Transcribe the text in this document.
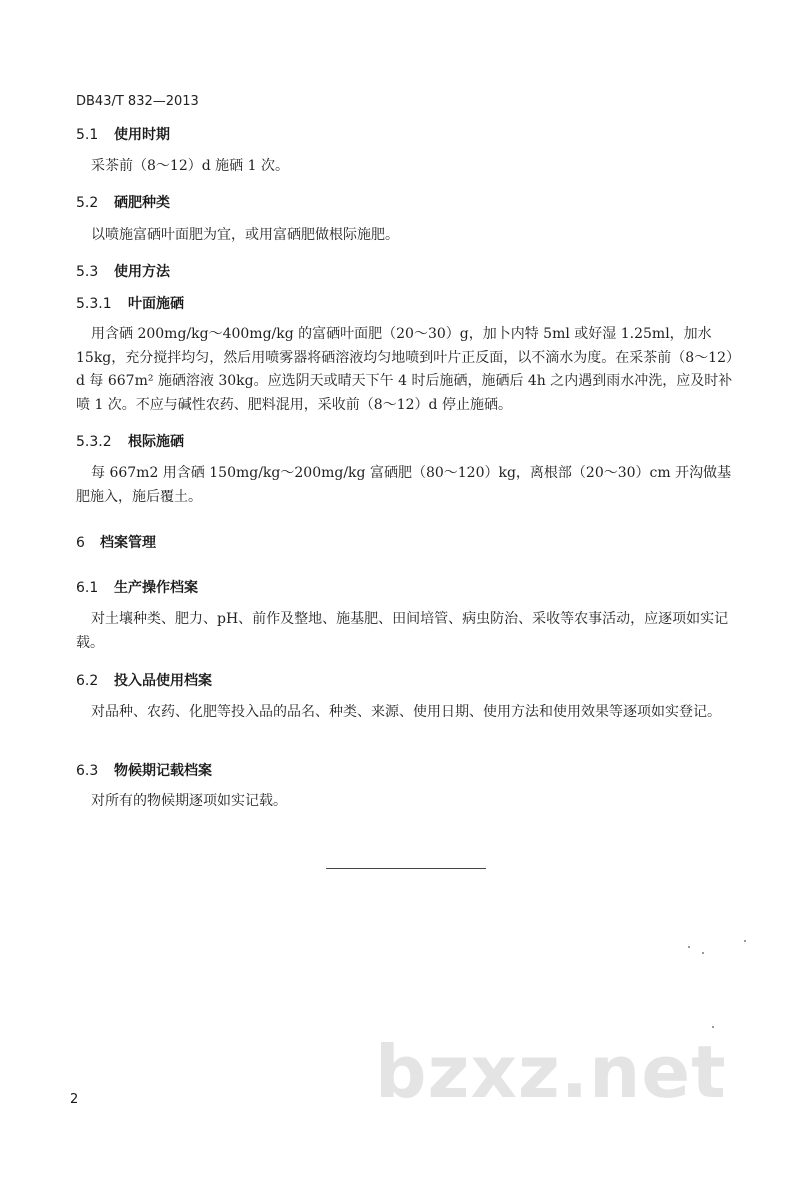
DB43/T 832—2013
5.1 使用时期
采茶前（8～12）d 施硒 1 次。
5.2 硒肥种类
以喷施富硒叶面肥为宜，或用富硒肥做根际施肥。
5.3 使用方法
5.3.1 叶面施硒
用含硒 200mg/kg～400mg/kg 的富硒叶面肥（20～30）g，加卜内特 5ml 或好湿 1.25ml，加水 15kg，充分搅拌均匀，然后用喷雾器将硒溶液均匀地喷到叶片正反面，以不滴水为度。在采茶前（8～12）d 每 667m² 施硒溶液 30kg。应选阴天或晴天下午 4 时后施硒，施硒后 4h 之内遇到雨水冲洗，应及时补喷 1 次。不应与碱性农药、肥料混用，采收前（8～12）d 停止施硒。
5.3.2 根际施硒
每 667m2 用含硒 150mg/kg～200mg/kg 富硒肥（80～120）kg，离根部（20～30）cm 开沟做基肥施入，施后覆土。
6 档案管理
6.1 生产操作档案
对土壤种类、肥力、pH、前作及整地、施基肥、田间培管、病虫防治、采收等农事活动，应逐项如实记载。
6.2 投入品使用档案
对品种、农药、化肥等投入品的品名、种类、来源、使用日期、使用方法和使用效果等逐项如实登记。
6.3 物候期记载档案
对所有的物候期逐项如实记载。
bzxz.net
2
